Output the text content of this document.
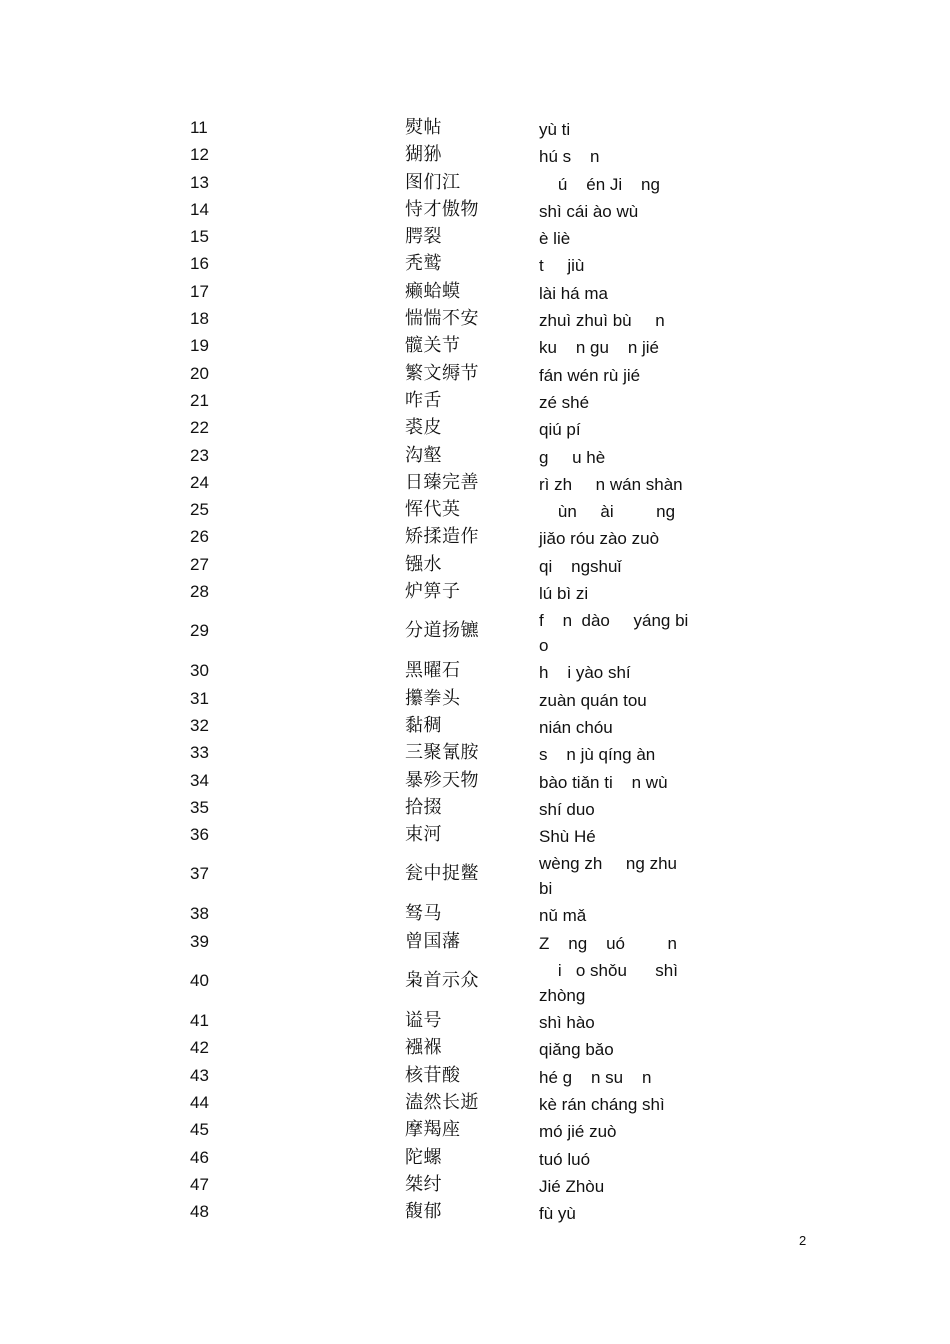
11	熨帖	yù ti
12	猢狲	hú s    n
13	图们江	ú    én Ji    ng
14	恃才傲物	shì cái ào wù
15	腭裂	è liè
16	秃鹫	t     jiù
17	癞蛤蟆	lài há ma
18	惴惴不安	zhuì zhuì bù     n
19	髋关节	ku    n gu    n jié
20	繁文缛节	fán wén rù jié
21	咋舌	zé shé
22	裘皮	qiú pí
23	沟壑	g     u hè
24	日臻完善	rì zh     n wán shàn
25	恽代英	ùn     ài         ng
26	矫揉造作	jiǎo róu zào zuò
27	镪水	qi    ngshuǐ
28	炉箅子	lú bì zi
29	分道扬镳	f    n  dào     yáng bi    o
30	黑曜石	h    i yào shí
31	攥拳头	zuàn quán tou
32	黏稠	nián chóu
33	三聚氰胺	s    n jù qíng àn
34	暴殄天物	bào tiǎn ti    n wù
35	拾掇	shí duo
36	束河	Shù Hé
37	瓮中捉鳖	wèng zh     ng zhu bi
38	驽马	nǔ mǎ
39	曾国藩	Z    ng    uó         n
40	枭首示众	i   o shǒu      shì zhòng
41	谥号	shì hào
42	襁褓	qiǎng bǎo
43	核苷酸	hé g    n su    n
44	溘然长逝	kè rán cháng shì
45	摩羯座	mó jié zuò
46	陀螺	tuó luó
47	桀纣	Jié Zhòu
48	馥郁	fù yù
2
